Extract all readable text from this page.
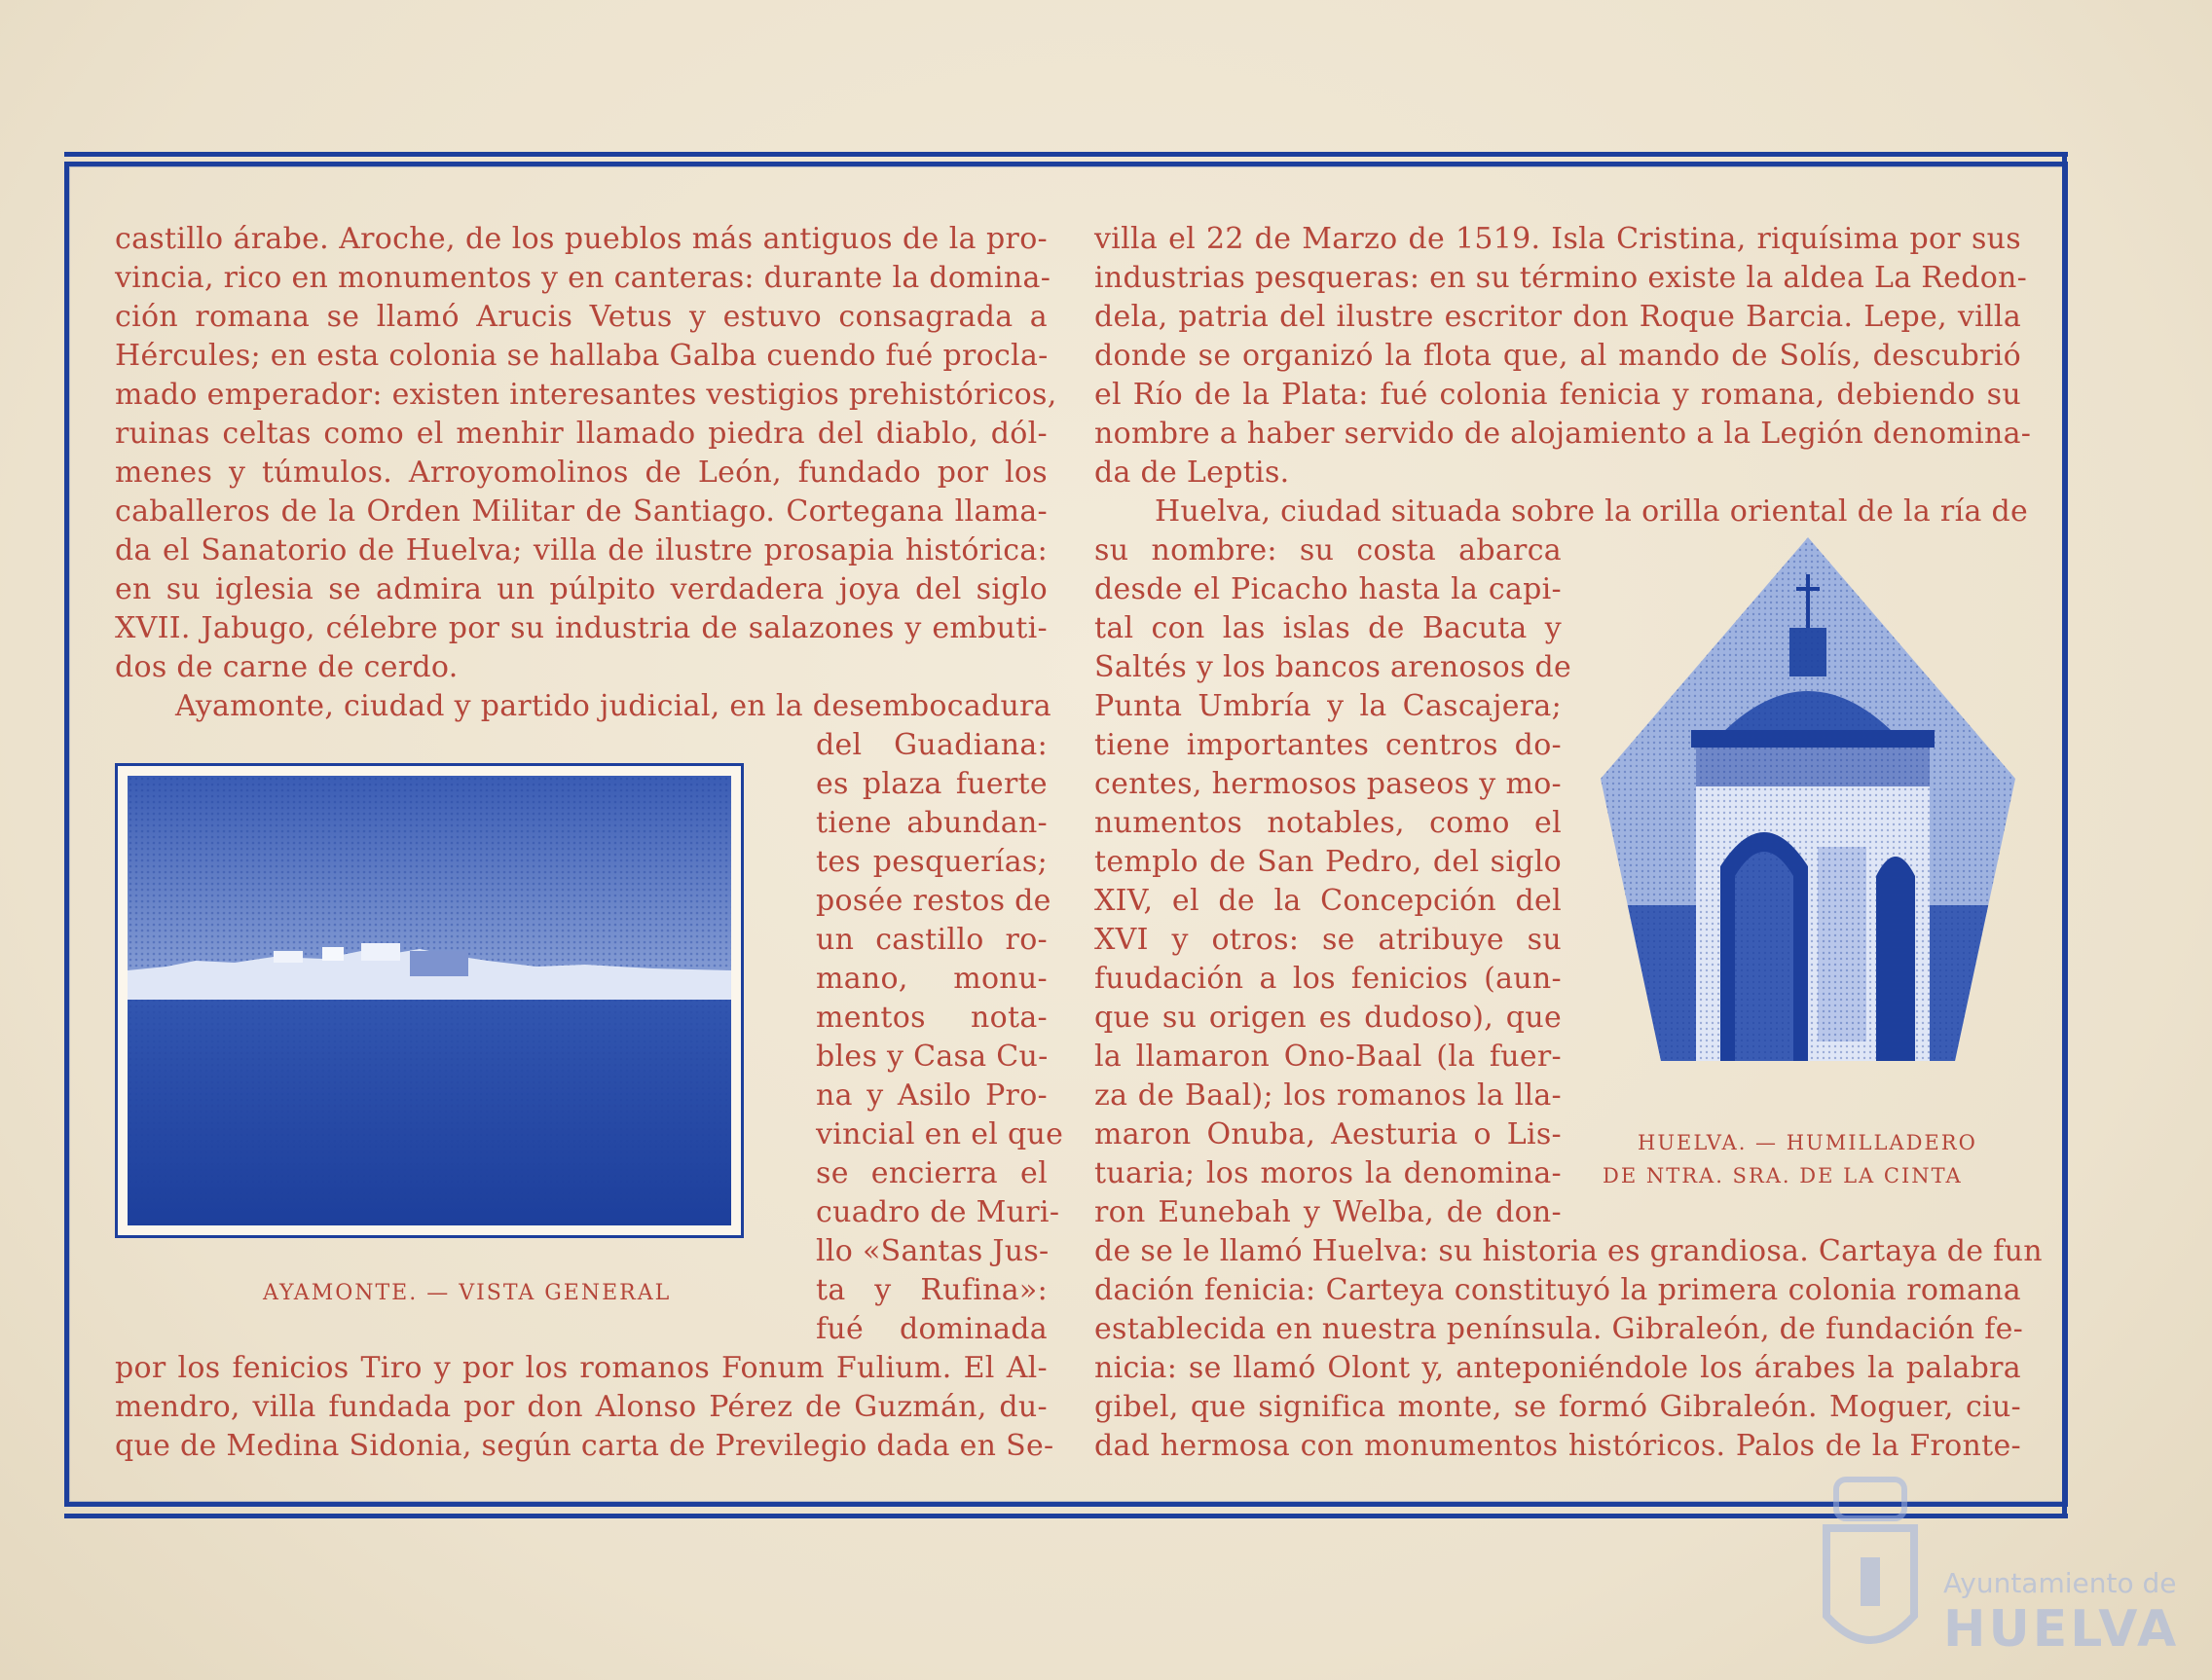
castillo árabe. Aroche, de los pueblos más antiguos de la pro-
vincia, rico en monumentos y en canteras: durante la domina-
ción romana se llamó Arucis Vetus y estuvo consagrada a
Hércules; en esta colonia se hallaba Galba cuendo fué procla-
mado emperador: existen interesantes vestigios prehistóricos,
ruinas celtas como el menhir llamado piedra del diablo, dól-
menes y túmulos. Arroyomolinos de León, fundado por los
caballeros de la Orden Militar de Santiago. Cortegana llama-
da el Sanatorio de Huelva; villa de ilustre prosapia histórica:
en su iglesia se admira un púlpito verdadera joya del siglo
XVII. Jabugo, célebre por su industria de salazones y embuti-
dos de carne de cerdo.
Ayamonte, ciudad y partido judicial, en la desembocadura
del Guadiana:
es plaza fuerte
tiene abundan-
tes pesquerías;
posée restos de
un castillo ro-
mano, monu-
mentos nota-
bles y Casa Cu-
na y Asilo Pro-
vincial en el que
se encierra el
cuadro de Muri-
llo «Santas Jus-
ta y Rufina»:
fué dominada
por los fenicios Tiro y por los romanos Fonum Fulium. El Al-
mendro, villa fundada por don Alonso Pérez de Guzmán, du-
que de Medina Sidonia, según carta de Previlegio dada en Se-
AYAMONTE. — VISTA GENERAL
villa el 22 de Marzo de 1519. Isla Cristina, riquísima por sus
industrias pesqueras: en su término existe la aldea La Redon-
dela, patria del ilustre escritor don Roque Barcia. Lepe, villa
donde se organizó la flota que, al mando de Solís, descubrió
el Río de la Plata: fué colonia fenicia y romana, debiendo su
nombre a haber servido de alojamiento a la Legión denomina-
da de Leptis.
Huelva, ciudad situada sobre la orilla oriental de la ría de
su nombre: su costa abarca
desde el Picacho hasta la capi-
tal con las islas de Bacuta y
Saltés y los bancos arenosos de
Punta Umbría y la Cascajera;
tiene importantes centros do-
centes, hermosos paseos y mo-
numentos notables, como el
templo de San Pedro, del siglo
XIV, el de la Concepción del
XVI y otros: se atribuye su
fuudación a los fenicios (aun-
que su origen es dudoso), que
la llamaron Ono-Baal (la fuer-
za de Baal); los romanos la lla-
maron Onuba, Aesturia o Lis-
tuaria; los moros la denomina-
ron Eunebah y Welba, de don-
de se le llamó Huelva: su historia es grandiosa. Cartaya de fun
dación fenicia: Carteya constituyó la primera colonia romana
establecida en nuestra península. Gibraleón, de fundación fe-
nicia: se llamó Olont y, anteponiéndole los árabes la palabra
gibel, que significa monte, se formó Gibraleón. Moguer, ciu-
dad hermosa con monumentos históricos. Palos de la Fronte-
HUELVA. — HUMILLADERO
DE NTRA. SRA. DE LA CINTA
Ayuntamiento de
HUELVA
